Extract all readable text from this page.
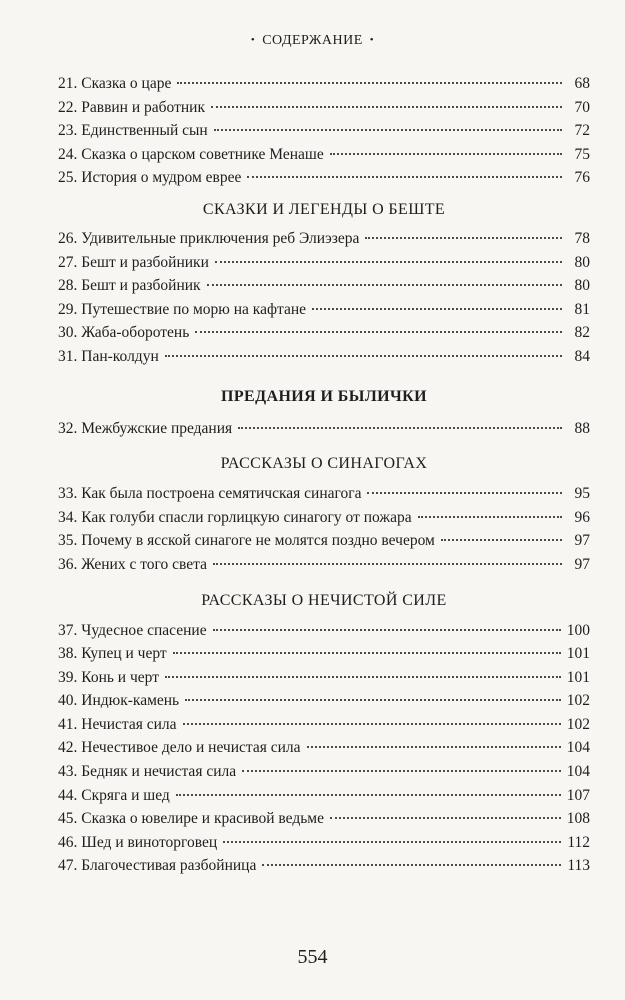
• СОДЕРЖАНИЕ •
21. Сказка о царе	68
22. Раввин и работник	70
23. Единственный сын	72
24. Сказка о царском советнике Менаше	75
25. История о мудром еврее	76
СКАЗКИ И ЛЕГЕНДЫ О БЕШТЕ
26. Удивительные приключения реб Элиэзера	78
27. Бешт и разбойники	80
28. Бешт и разбойник	80
29. Путешествие по морю на кафтане	81
30. Жаба-оборотень	82
31. Пан-колдун	84
ПРЕДАНИЯ И БЫЛИЧКИ
32. Межбужские предания	88
РАССКАЗЫ О СИНАГОГАХ
33. Как была построена семятичская синагога	95
34. Как голуби спасли горлицкую синагогу от пожара	96
35. Почему в ясской синагоге не молятся поздно вечером	97
36. Жених с того света	97
РАССКАЗЫ О НЕЧИСТОЙ СИЛЕ
37. Чудесное спасение	100
38. Купец и черт	101
39. Конь и черт	101
40. Индюк-камень	102
41. Нечистая сила	102
42. Нечестивое дело и нечистая сила	104
43. Бедняк и нечистая сила	104
44. Скряга и шед	107
45. Сказка о ювелире и красивой ведьме	108
46. Шед и виноторговец	112
47. Благочестивая разбойница	113
554
